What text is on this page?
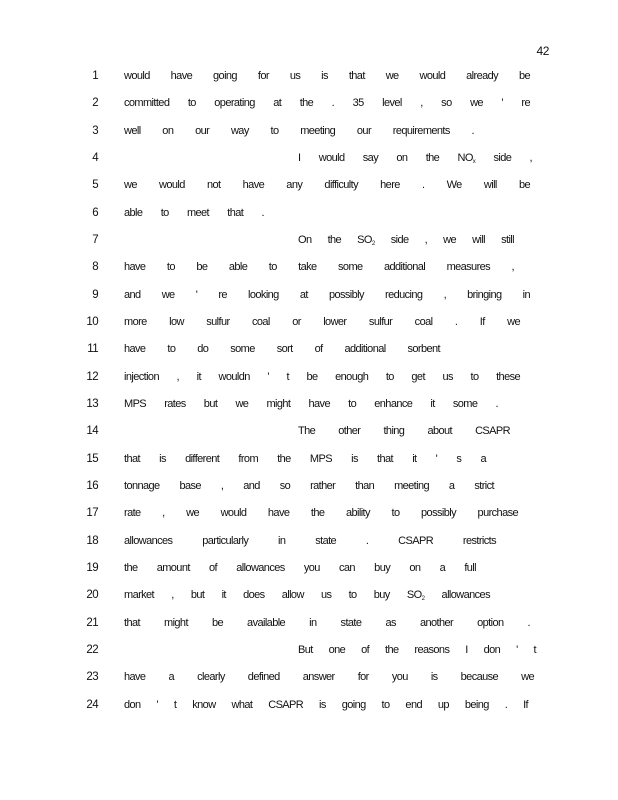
42
1 would have going for us is that we would already be
2 committed to operating at the . 35 level , so we ' re
3 well on our way to meeting our requirements .
4	I would say on the $NO_x$ side ,
5 we would not have any difficulty here . We will be
6 able to meet that .
7	On the $SO_2$ side , we will still
8 have to be able to take some additional measures ,
9 and we ' re looking at possibly reducing , bringing in
10 more low sulfur coal or lower sulfur coal . If we
11 have to do some sort of additional sorbent
12 injection , it wouldn ' t be enough to get us to these
13 MPS rates but we might have to enhance it some .
14	The other thing about CSAPR
15 that is different from the MPS is that it ' s a
16 tonnage base , and so rather than meeting a strict
17 rate , we would have the ability to possibly purchase
18 allowances particularly in state . CSAPR restricts
19 the amount of allowances you can buy on a full
20 market , but it does allow us to buy $SO_2$ allowances
21 that might be available in state as another option .
22	But one of the reasons I don ' t
23 have a clearly defined answer for you is because we
24 don ' t know what CSAPR is going to end up being . If
